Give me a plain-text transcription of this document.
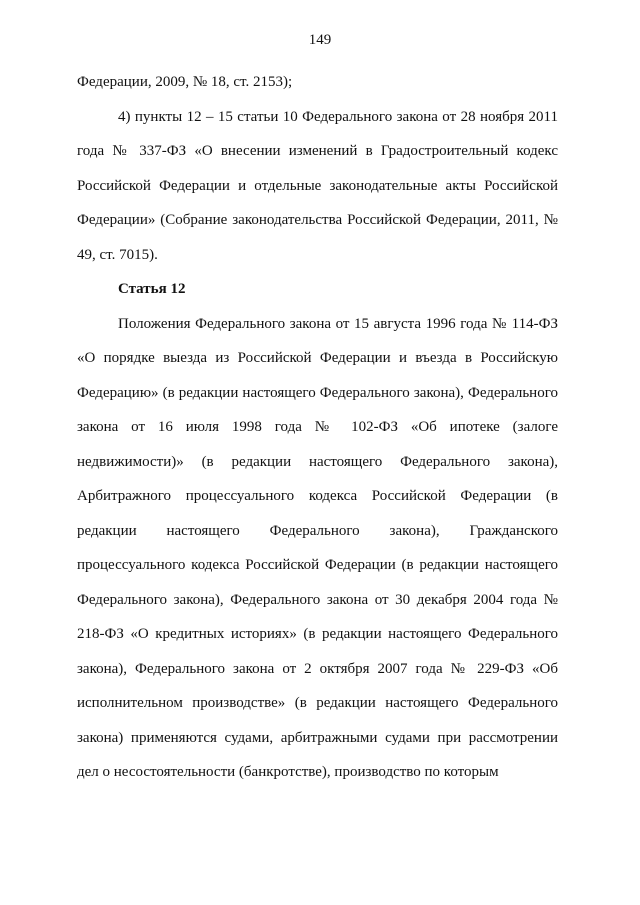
149

Федерации, 2009, № 18, ст. 2153);

4) пункты 12 – 15 статьи 10 Федерального закона от 28 ноября 2011 года № 337-ФЗ «О внесении изменений в Градостроительный кодекс Российской Федерации и отдельные законодательные акты Российской Федерации» (Собрание законодательства Российской Федерации, 2011, № 49, ст. 7015).

Статья 12

Положения Федерального закона от 15 августа 1996 года № 114-ФЗ «О порядке выезда из Российской Федерации и въезда в Российскую Федерацию» (в редакции настоящего Федерального закона), Федерального закона от 16 июля 1998 года № 102-ФЗ «Об ипотеке (залоге недвижимости)» (в редакции настоящего Федерального закона), Арбитражного процессуального кодекса Российской Федерации (в редакции настоящего Федерального закона), Гражданского процессуального кодекса Российской Федерации (в редакции настоящего Федерального закона), Федерального закона от 30 декабря 2004 года № 218-ФЗ «О кредитных историях» (в редакции настоящего Федерального закона), Федерального закона от 2 октября 2007 года № 229-ФЗ «Об исполнительном производстве» (в редакции настоящего Федерального закона) применяются судами, арбитражными судами при рассмотрении дел о несостоятельности (банкротстве), производство по которым
